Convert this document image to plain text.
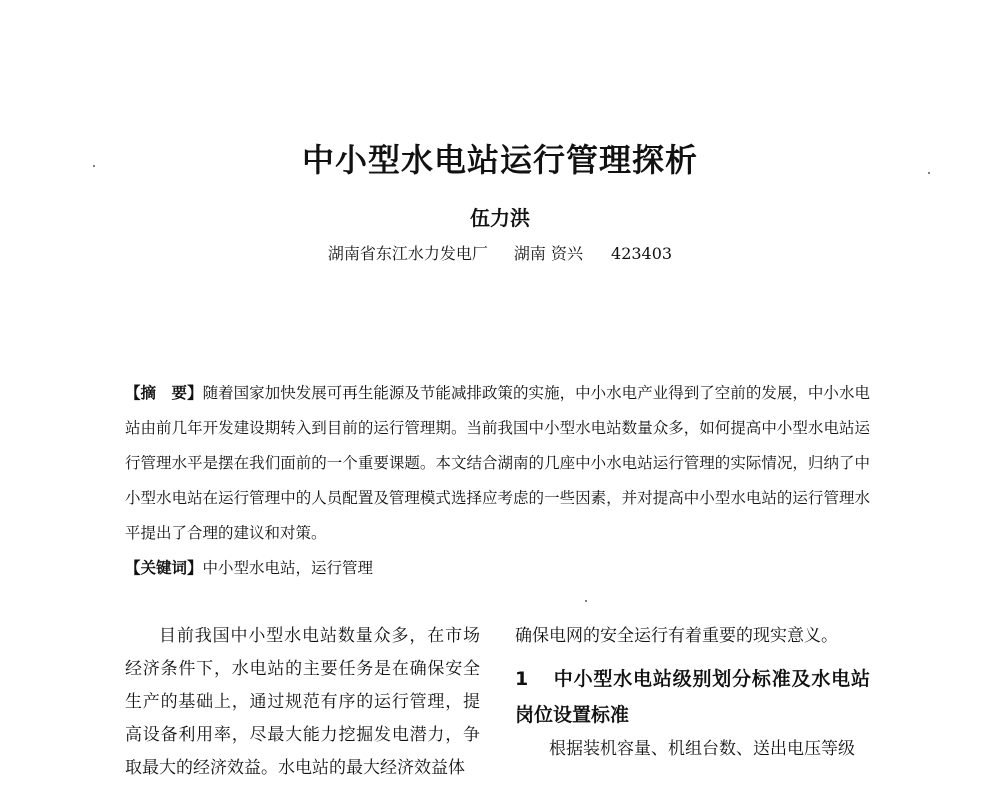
中小型水电站运行管理探析
伍力洪
湖南省东江水力发电厂 湖南 资兴 423403
【摘　要】随着国家加快发展可再生能源及节能减排政策的实施，中小水电产业得到了空前的发展，中小水电站由前几年开发建设期转入到目前的运行管理期。当前我国中小型水电站数量众多，如何提高中小型水电站运行管理水平是摆在我们面前的一个重要课题。本文结合湖南的几座中小水电站运行管理的实际情况，归纳了中小型水电站在运行管理中的人员配置及管理模式选择应考虑的一些因素，并对提高中小型水电站的运行管理水平提出了合理的建议和对策。
【关键词】中小型水电站，运行管理

目前我国中小型水电站数量众多，在市场经济条件下，水电站的主要任务是在确保安全生产的基础上，通过规范有序的运行管理，提高设备利用率，尽最大能力挖掘发电潜力，争取最大的经济效益。水电站的最大经济效益体

确保电网的安全运行有着重要的现实意义。

1 中小型水电站级别划分标准及水电站岗位设置标准

根据装机容量、机组台数、送出电压等级
